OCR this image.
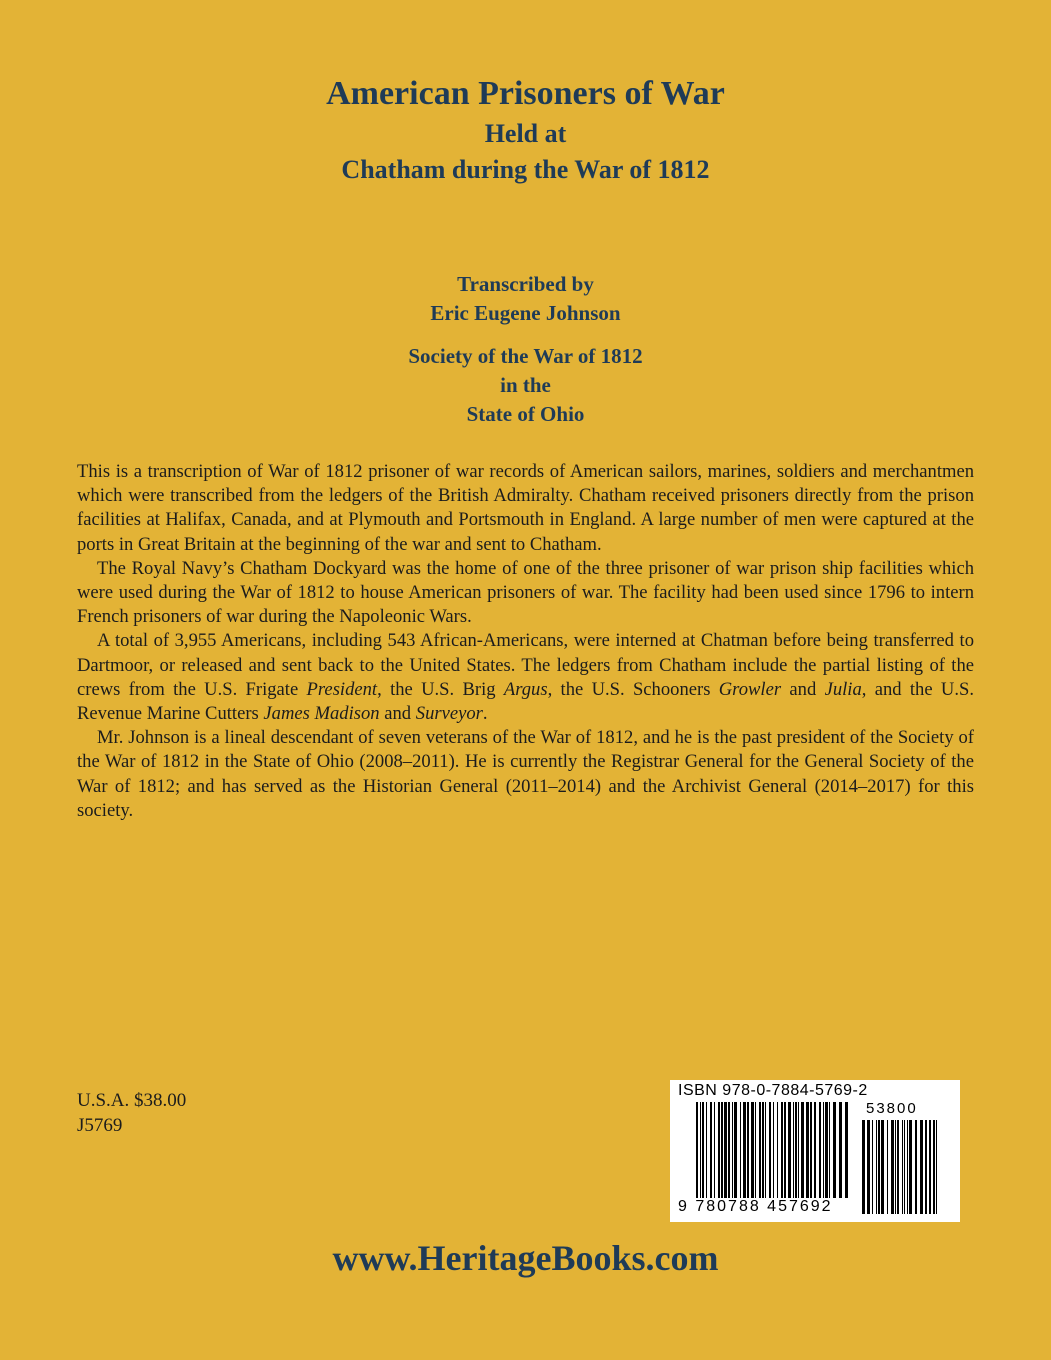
American Prisoners of War
Held at
Chatham during the War of 1812
Transcribed by
Eric Eugene Johnson
Society of the War of 1812
in the
State of Ohio

This is a transcription of War of 1812 prisoner of war records of American sailors, marines, soldiers and merchantmen which were transcribed from the ledgers of the British Admiralty. Chatham received prisoners directly from the prison facilities at Halifax, Canada, and at Plymouth and Portsmouth in England. A large number of men were captured at the ports in Great Britain at the beginning of the war and sent to Chatham.

The Royal Navy’s Chatham Dockyard was the home of one of the three prisoner of war prison ship facilities which were used during the War of 1812 to house American prisoners of war. The facility had been used since 1796 to intern French prisoners of war during the Napoleonic Wars.

A total of 3,955 Americans, including 543 African-Americans, were interned at Chatman before being transferred to Dartmoor, or released and sent back to the United States. The ledgers from Chatham include the partial listing of the crews from the U.S. Frigate President, the U.S. Brig Argus, the U.S. Schooners Growler and Julia, and the U.S. Revenue Marine Cutters James Madison and Surveyor.

Mr. Johnson is a lineal descendant of seven veterans of the War of 1812, and he is the past president of the Society of the War of 1812 in the State of Ohio (2008–2011). He is currently the Registrar General for the General Society of the War of 1812; and has served as the Historian General (2011–2014) and the Archivist General (2014–2017) for this society.

U.S.A. $38.00
J5769
ISBN 978-0-7884-5769-2
53800
9 780788 457692
www.HeritageBooks.com
